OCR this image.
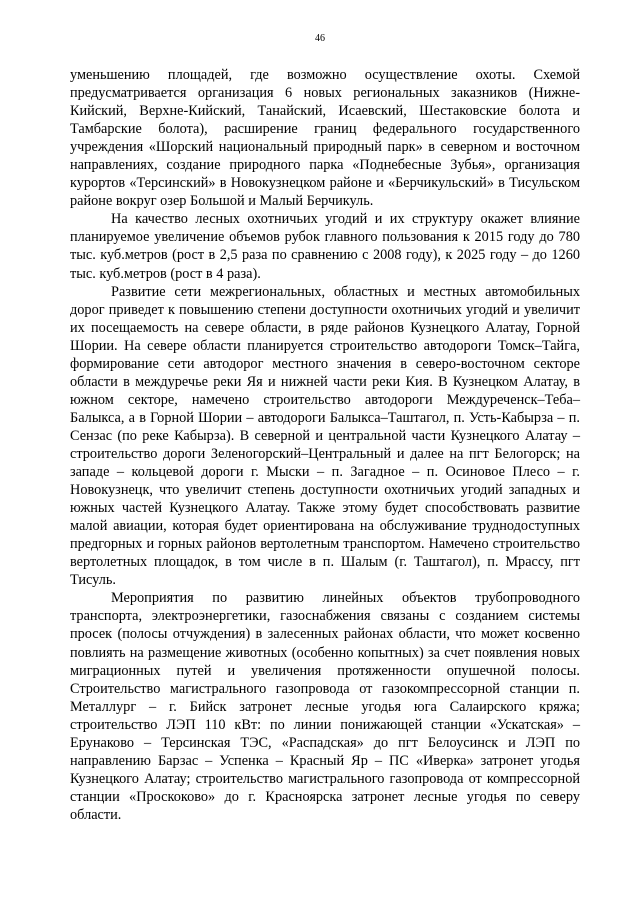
46

уменьшению площадей, где возможно осуществление охоты. Схемой предусматривается организация 6 новых региональных заказников (Нижне-Кийский, Верхне-Кийский, Танайский, Исаевский, Шестаковские болота и Тамбарские болота), расширение границ федерального государственного учреждения «Шорский национальный природный парк» в северном и восточном направлениях, создание природного парка «Поднебесные Зубья», организация курортов «Терсинский» в Новокузнецком районе и «Берчикульский» в Тисульском районе вокруг озер Большой и Малый Берчикуль.

На качество лесных охотничьих угодий и их структуру окажет влияние планируемое увеличение объемов рубок главного пользования к 2015 году до 780 тыс. куб.метров (рост в 2,5 раза по сравнению с 2008 году), к 2025 году – до 1260 тыс. куб.метров (рост в 4 раза).

Развитие сети межрегиональных, областных и местных автомобильных дорог приведет к повышению степени доступности охотничьих угодий и увеличит их посещаемость на севере области, в ряде районов Кузнецкого Алатау, Горной Шории. На севере области планируется строительство автодороги Томск–Тайга, формирование сети автодорог местного значения в северо-восточном секторе области в междуречье реки Яя и нижней части реки Кия. В Кузнецком Алатау, в южном секторе, намечено строительство автодороги Междуреченск–Теба–Балыкса, а в Горной Шории – автодороги Балыкса–Таштагол, п. Усть-Кабырза – п. Сензас (по реке Кабырза). В северной и центральной части Кузнецкого Алатау – строительство дороги Зеленогорский–Центральный и далее на пгт Белогорск; на западе – кольцевой дороги г. Мыски – п. Загадное – п. Осиновое Плесо – г. Новокузнецк, что увеличит степень доступности охотничьих угодий западных и южных частей Кузнецкого Алатау. Также этому будет способствовать развитие малой авиации, которая будет ориентирована на обслуживание труднодоступных предгорных и горных районов вертолетным транспортом. Намечено строительство вертолетных площадок, в том числе в п. Шалым (г. Таштагол), п. Мрассу, пгт Тисуль.

Мероприятия по развитию линейных объектов трубопроводного транспорта, электроэнергетики, газоснабжения связаны с созданием системы просек (полосы отчуждения) в залесенных районах области, что может косвенно повлиять на размещение животных (особенно копытных) за счет появления новых миграционных путей и увеличения протяженности опушечной полосы. Строительство магистрального газопровода от газокомпрессорной станции п. Металлург – г. Бийск затронет лесные угодья юга Салаирского кряжа; строительство ЛЭП 110 кВт: по линии понижающей станции «Ускатская» – Ерунаково – Терсинская ТЭС, «Распадская» до пгт Белоусинск и ЛЭП по направлению Барзас – Успенка – Красный Яр – ПС «Иверка» затронет угодья Кузнецкого Алатау; строительство магистрального газопровода от компрессорной станции «Проскоково» до г. Красноярска затронет лесные угодья по северу области.
